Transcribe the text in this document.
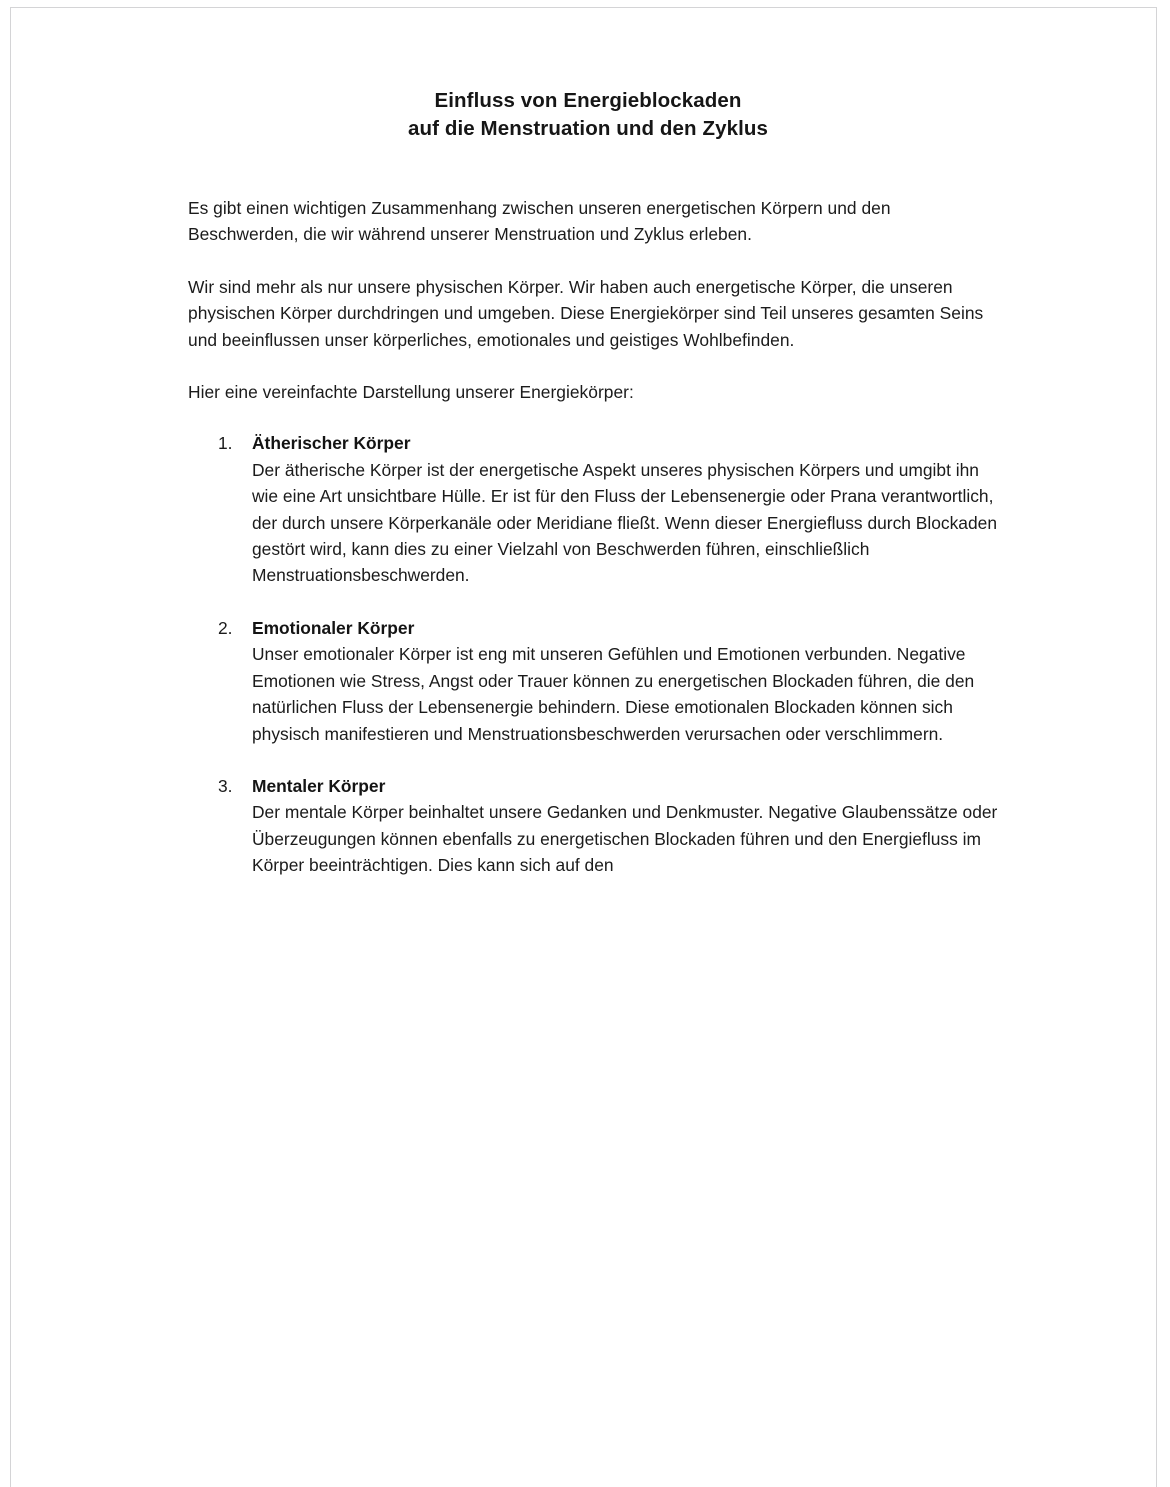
Einfluss von Energieblockaden
auf die Menstruation und den Zyklus

Es gibt einen wichtigen Zusammenhang zwischen unseren energetischen Körpern und den Beschwerden, die wir während unserer Menstruation und Zyklus erleben.

Wir sind mehr als nur unsere physischen Körper. Wir haben auch energetische Körper, die unseren physischen Körper durchdringen und umgeben. Diese Energiekörper sind Teil unseres gesamten Seins und beeinflussen unser körperliches, emotionales und geistiges Wohlbefinden.

Hier eine vereinfachte Darstellung unserer Energiekörper:

1.	Ätherischer Körper
Der ätherische Körper ist der energetische Aspekt unseres physischen Körpers und umgibt ihn wie eine Art unsichtbare Hülle. Er ist für den Fluss der Lebensenergie oder Prana verantwortlich, der durch unsere Körperkanäle oder Meridiane fließt. Wenn dieser Energiefluss durch Blockaden gestört wird, kann dies zu einer Vielzahl von Beschwerden führen, einschließlich Menstruationsbeschwerden.
2.	Emotionaler Körper
Unser emotionaler Körper ist eng mit unseren Gefühlen und Emotionen verbunden. Negative Emotionen wie Stress, Angst oder Trauer können zu energetischen Blockaden führen, die den natürlichen Fluss der Lebensenergie behindern. Diese emotionalen Blockaden können sich physisch manifestieren und Menstruationsbeschwerden verursachen oder verschlimmern.
3.	Mentaler Körper
Der mentale Körper beinhaltet unsere Gedanken und Denkmuster. Negative Glaubenssätze oder Überzeugungen können ebenfalls zu energetischen Blockaden führen und den Energiefluss im Körper beeinträchtigen. Dies kann sich auf den
